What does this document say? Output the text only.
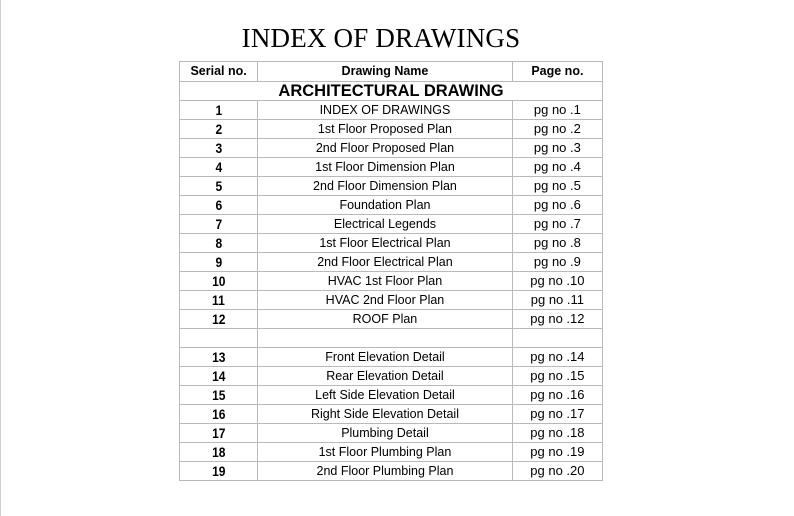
INDEX OF DRAWINGS
Serial no.	Drawing Name	Page no.
ARCHITECTURAL DRAWING		
1	INDEX OF DRAWINGS	pg no .1
2	1st Floor Proposed Plan	pg no .2
3	2nd Floor Proposed Plan	pg no .3
4	1st Floor Dimension Plan	pg no .4
5	2nd Floor Dimension Plan	pg no .5
6	Foundation Plan	pg no .6
7	Electrical Legends	pg no .7
8	1st Floor Electrical Plan	pg no .8
9	2nd Floor Electrical Plan	pg no .9
10	HVAC 1st Floor Plan	pg no .10
11	HVAC 2nd Floor Plan	pg no .11
12	ROOF Plan	pg no .12

13	Front Elevation Detail	pg no .14
14	Rear Elevation Detail	pg no .15
15	Left Side Elevation Detail	pg no .16
16	Right Side Elevation Detail	pg no .17
17	Plumbing Detail	pg no .18
18	1st Floor Plumbing Plan	pg no .19
19	2nd Floor Plumbing Plan	pg no .20
